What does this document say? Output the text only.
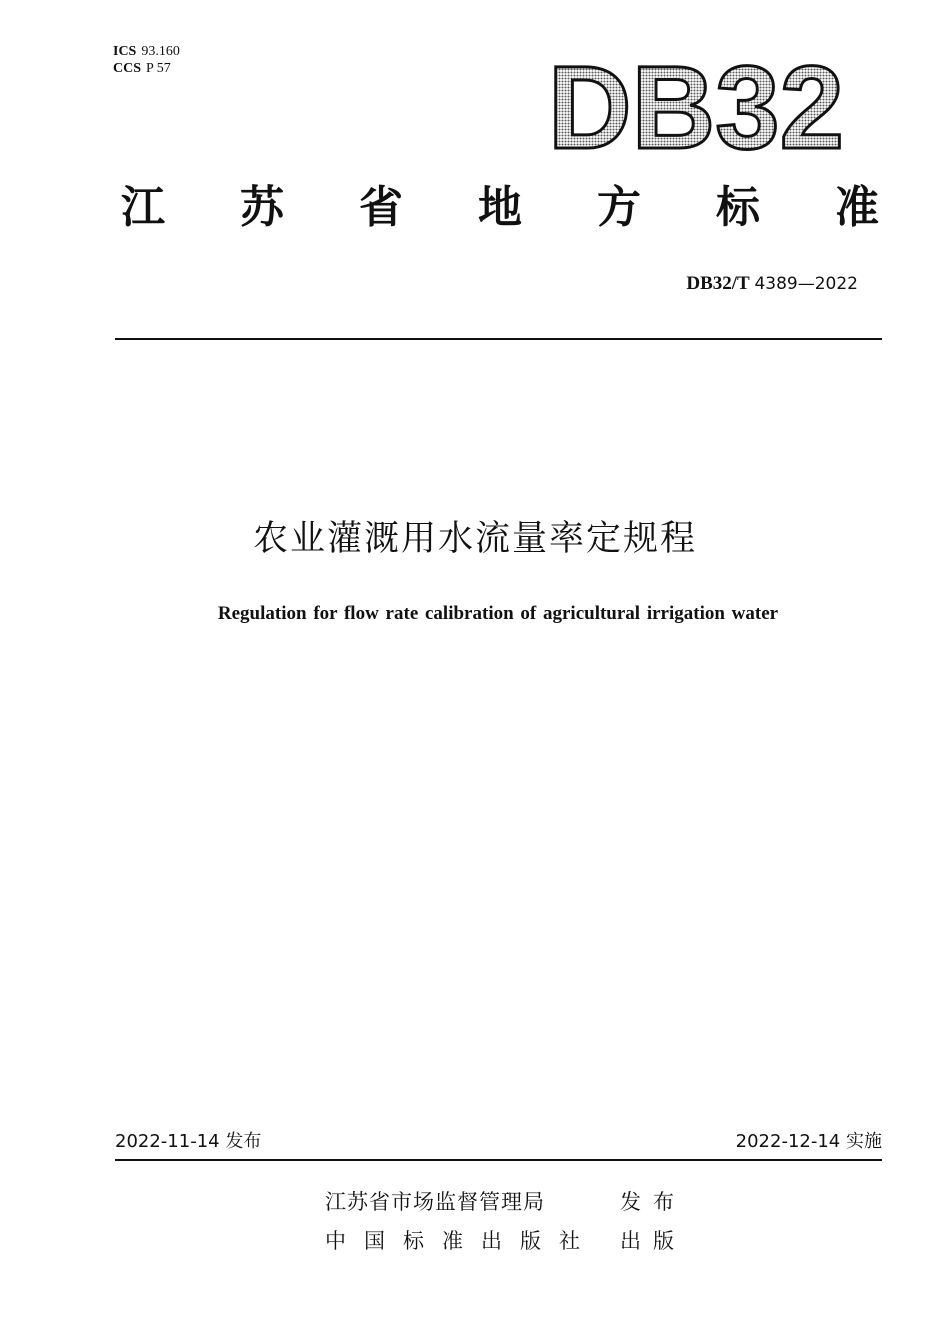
ICS 93.160
CCS P 57	DB32
江 苏 省 地 方 标 准
DB32/T 4389—2022
农业灌溉用水流量率定规程
Regulation for flow rate calibration of agricultural irrigation water
2022-11-14 发布	2022-12-14 实施
江苏省市场监督管理局	发布
中国标准出版社 出版
